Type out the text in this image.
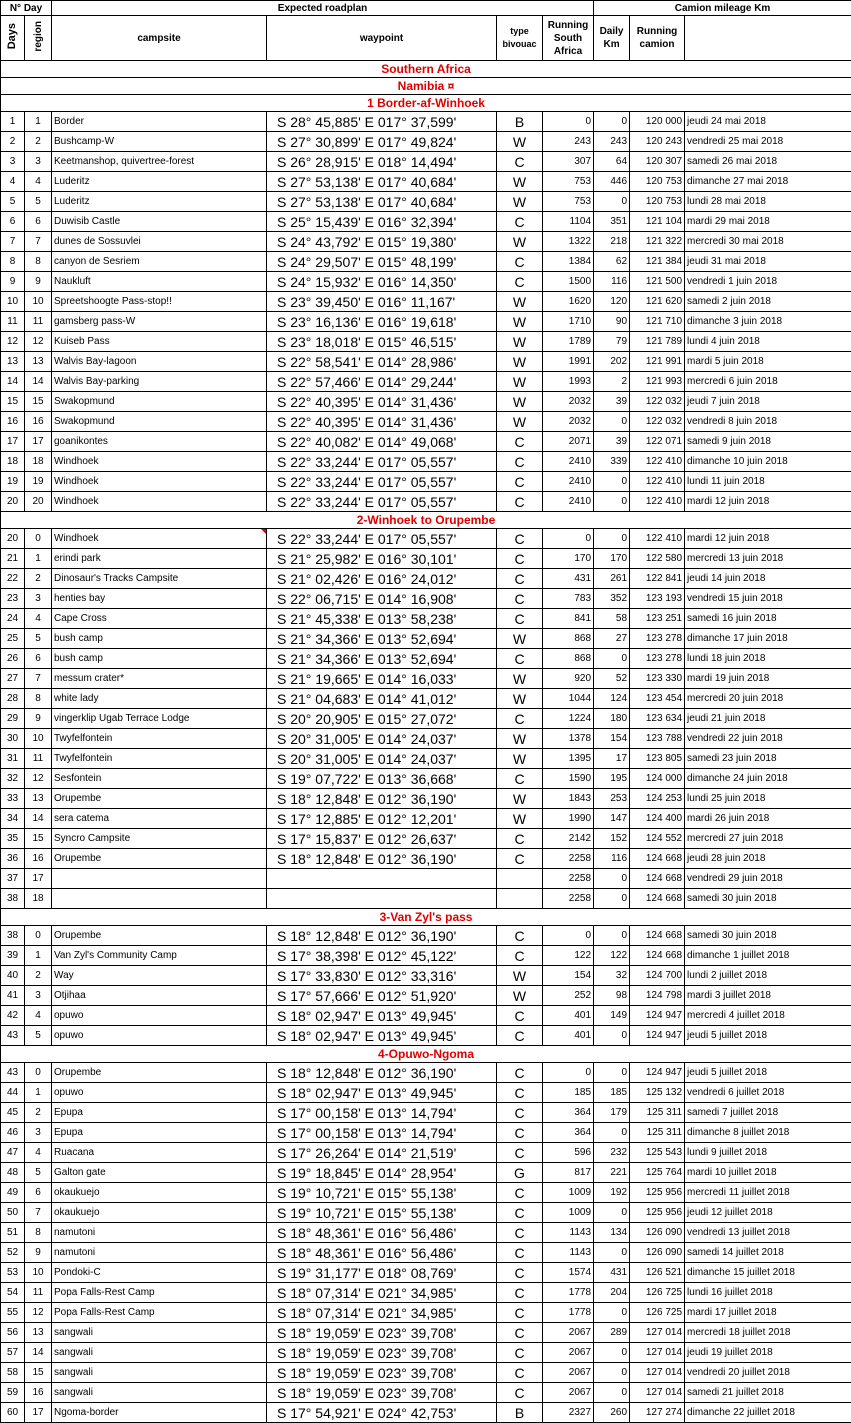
N° Day		Expected roadplan				Camion mileage Km	
Days	region	campsite	waypoint	type bivouac	Running South Africa	Daily Km	Running camion		
Southern Africa									
Namibia ¤									
1 Border-af-Winhoek									
1	1	Border	S 28° 45,885' E 017° 37,599'	B	0	0	120 000	jeudi 24 mai 2018	
2	2	Bushcamp-W	S 27° 30,899' E 017° 49,824'	W	243	243	120 243	vendredi 25 mai 2018	
3	3	Keetmanshop, quivertree-forest	S 26° 28,915' E 018° 14,494'	C	307	64	120 307	samedi 26 mai 2018	
4	4	Luderitz	S 27° 53,138' E 017° 40,684'	W	753	446	120 753	dimanche 27 mai 2018	
5	5	Luderitz	S 27° 53,138' E 017° 40,684'	W	753	0	120 753	lundi 28 mai 2018	
6	6	Duwisib Castle	S 25° 15,439' E 016° 32,394'	C	1104	351	121 104	mardi 29 mai 2018	
7	7	dunes de Sossuvlei	S 24° 43,792' E 015° 19,380'	W	1322	218	121 322	mercredi 30 mai 2018	
8	8	canyon de Sesriem	S 24° 29,507' E 015° 48,199'	C	1384	62	121 384	jeudi 31 mai 2018	
9	9	Naukluft	S 24° 15,932' E 016° 14,350'	C	1500	116	121 500	vendredi 1 juin 2018	
10	10	Spreetshoogte Pass-stop!!	S 23° 39,450' E 016° 11,167'	W	1620	120	121 620	samedi 2 juin 2018	
11	11	gamsberg pass-W	S 23° 16,136' E 016° 19,618'	W	1710	90	121 710	dimanche 3 juin 2018	
12	12	Kuiseb Pass	S 23° 18,018' E 015° 46,515'	W	1789	79	121 789	lundi 4 juin 2018	
13	13	Walvis Bay-lagoon	S 22° 58,541' E 014° 28,986'	W	1991	202	121 991	mardi 5 juin 2018	
14	14	Walvis Bay-parking	S 22° 57,466' E 014° 29,244'	W	1993	2	121 993	mercredi 6 juin 2018	
15	15	Swakopmund	S 22° 40,395' E 014° 31,436'	W	2032	39	122 032	jeudi 7 juin 2018	
16	16	Swakopmund	S 22° 40,395' E 014° 31,436'	W	2032	0	122 032	vendredi 8 juin 2018	
17	17	goanikontes	S 22° 40,082' E 014° 49,068'	C	2071	39	122 071	samedi 9 juin 2018	
18	18	Windhoek	S 22° 33,244' E 017° 05,557'	C	2410	339	122 410	dimanche 10 juin 2018	
19	19	Windhoek	S 22° 33,244' E 017° 05,557'	C	2410	0	122 410	lundi 11 juin 2018	
20	20	Windhoek	S 22° 33,244' E 017° 05,557'	C	2410	0	122 410	mardi 12 juin 2018	
2-Winhoek to Orupembe									
20	0	Windhoek	S 22° 33,244' E 017° 05,557'	C	0	0	122 410	mardi 12 juin 2018	
21	1	erindi park	S 21° 25,982' E 016° 30,101'	C	170	170	122 580	mercredi 13 juin 2018	
22	2	Dinosaur's Tracks Campsite	S 21° 02,426' E 016° 24,012'	C	431	261	122 841	jeudi 14 juin 2018	
23	3	henties bay	S 22° 06,715' E 014° 16,908'	C	783	352	123 193	vendredi 15 juin 2018	
24	4	Cape Cross	S 21° 45,338' E 013° 58,238'	C	841	58	123 251	samedi 16 juin 2018	
25	5	bush camp	S 21° 34,366' E 013° 52,694'	W	868	27	123 278	dimanche 17 juin 2018	
26	6	bush camp	S 21° 34,366' E 013° 52,694'	C	868	0	123 278	lundi 18 juin 2018	
27	7	messum crater*	S 21° 19,665' E 014° 16,033'	W	920	52	123 330	mardi 19 juin 2018	
28	8	white lady	S 21° 04,683' E 014° 41,012'	W	1044	124	123 454	mercredi 20 juin 2018	
29	9	vingerklip Ugab Terrace Lodge	S 20° 20,905' E 015° 27,072'	C	1224	180	123 634	jeudi 21 juin 2018	
30	10	Twyfelfontein	S 20° 31,005' E 014° 24,037'	W	1378	154	123 788	vendredi 22 juin 2018	
31	11	Twyfelfontein	S 20° 31,005' E 014° 24,037'	W	1395	17	123 805	samedi 23 juin 2018	
32	12	Sesfontein	S 19° 07,722' E 013° 36,668'	C	1590	195	124 000	dimanche 24 juin 2018	
33	13	Orupembe	S 18° 12,848' E 012° 36,190'	W	1843	253	124 253	lundi 25 juin 2018	
34	14	sera catema	S 17° 12,885' E 012° 12,201'	W	1990	147	124 400	mardi 26 juin 2018	
35	15	Syncro Campsite	S 17° 15,837' E 012° 26,637'	C	2142	152	124 552	mercredi 27 juin 2018	
36	16	Orupembe	S 18° 12,848' E 012° 36,190'	C	2258	116	124 668	jeudi 28 juin 2018	
37	17				2258	0	124 668	vendredi 29 juin 2018	
38	18				2258	0	124 668	samedi 30 juin 2018	
3-Van Zyl's pass									
38	0	Orupembe	S 18° 12,848' E 012° 36,190'	C	0	0	124 668	samedi 30 juin 2018	
39	1	Van Zyl's Community Camp	S 17° 38,398' E 012° 45,122'	C	122	122	124 668	dimanche 1 juillet 2018	
40	2	Way	S 17° 33,830' E 012° 33,316'	W	154	32	124 700	lundi 2 juillet 2018	
41	3	Otjihaa	S 17° 57,666' E 012° 51,920'	W	252	98	124 798	mardi 3 juillet 2018	
42	4	opuwo	S 18° 02,947' E 013° 49,945'	C	401	149	124 947	mercredi 4 juillet 2018	
43	5	opuwo	S 18° 02,947' E 013° 49,945'	C	401	0	124 947	jeudi 5 juillet 2018	
4-Opuwo-Ngoma									
43	0	Orupembe	S 18° 12,848' E 012° 36,190'	C	0	0	124 947	jeudi 5 juillet 2018	
44	1	opuwo	S 18° 02,947' E 013° 49,945'	C	185	185	125 132	vendredi 6 juillet 2018	
45	2	Epupa	S 17° 00,158' E 013° 14,794'	C	364	179	125 311	samedi 7 juillet 2018	
46	3	Epupa	S 17° 00,158' E 013° 14,794'	C	364	0	125 311	dimanche 8 juillet 2018	
47	4	Ruacana	S 17° 26,264' E 014° 21,519'	C	596	232	125 543	lundi 9 juillet 2018	
48	5	Galton gate	S 19° 18,845' E 014° 28,954'	G	817	221	125 764	mardi 10 juillet 2018	
49	6	okaukuejo	S 19° 10,721' E 015° 55,138'	C	1009	192	125 956	mercredi 11 juillet 2018	
50	7	okaukuejo	S 19° 10,721' E 015° 55,138'	C	1009	0	125 956	jeudi 12 juillet 2018	
51	8	namutoni	S 18° 48,361' E 016° 56,486'	C	1143	134	126 090	vendredi 13 juillet 2018	
52	9	namutoni	S 18° 48,361' E 016° 56,486'	C	1143	0	126 090	samedi 14 juillet 2018	
53	10	Pondoki-C	S 19° 31,177' E 018° 08,769'	C	1574	431	126 521	dimanche 15 juillet 2018	
54	11	Popa Falls-Rest Camp	S 18° 07,314' E 021° 34,985'	C	1778	204	126 725	lundi 16 juillet 2018	
55	12	Popa Falls-Rest Camp	S 18° 07,314' E 021° 34,985'	C	1778	0	126 725	mardi 17 juillet 2018	
56	13	sangwali	S 18° 19,059' E 023° 39,708'	C	2067	289	127 014	mercredi 18 juillet 2018	
57	14	sangwali	S 18° 19,059' E 023° 39,708'	C	2067	0	127 014	jeudi 19 juillet 2018	
58	15	sangwali	S 18° 19,059' E 023° 39,708'	C	2067	0	127 014	vendredi 20 juillet 2018	
59	16	sangwali	S 18° 19,059' E 023° 39,708'	C	2067	0	127 014	samedi 21 juillet 2018	
60	17	Ngoma-border	S 17° 54,921' E 024° 42,753'	B	2327	260	127 274	dimanche 22 juillet 2018	
